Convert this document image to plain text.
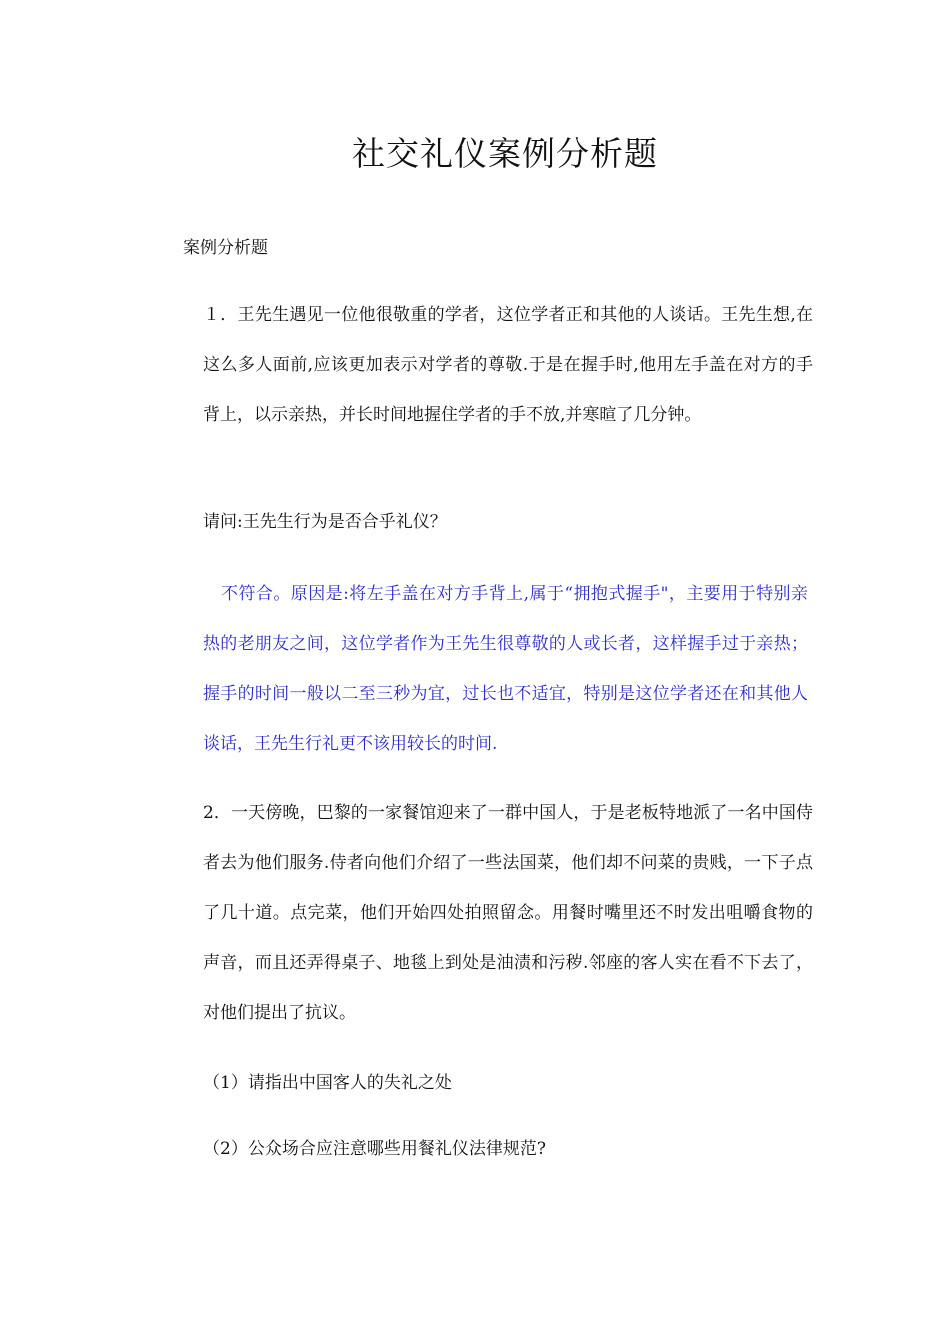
社交礼仪案例分析题
案例分析题
１．王先生遇见一位他很敬重的学者，这位学者正和其他的人谈话。王先生想,在这么多人面前,应该更加表示对学者的尊敬.于是在握手时,他用左手盖在对方的手背上，以示亲热，并长时间地握住学者的手不放,并寒暄了几分钟。
请问:王先生行为是否合乎礼仪？
不符合。原因是:将左手盖在对方手背上,属于“拥抱式握手"，主要用于特别亲热的老朋友之间，这位学者作为王先生很尊敬的人或长者，这样握手过于亲热；握手的时间一般以二至三秒为宜，过长也不适宜，特别是这位学者还在和其他人谈话，王先生行礼更不该用较长的时间.
2．一天傍晚，巴黎的一家餐馆迎来了一群中国人，于是老板特地派了一名中国侍者去为他们服务.侍者向他们介绍了一些法国菜，他们却不问菜的贵贱，一下子点了几十道。点完菜，他们开始四处拍照留念。用餐时嘴里还不时发出咀嚼食物的声音，而且还弄得桌子、地毯上到处是油渍和污秽.邻座的客人实在看不下去了，对他们提出了抗议。
（1）请指出中国客人的失礼之处
（2）公众场合应注意哪些用餐礼仪法律规范?
